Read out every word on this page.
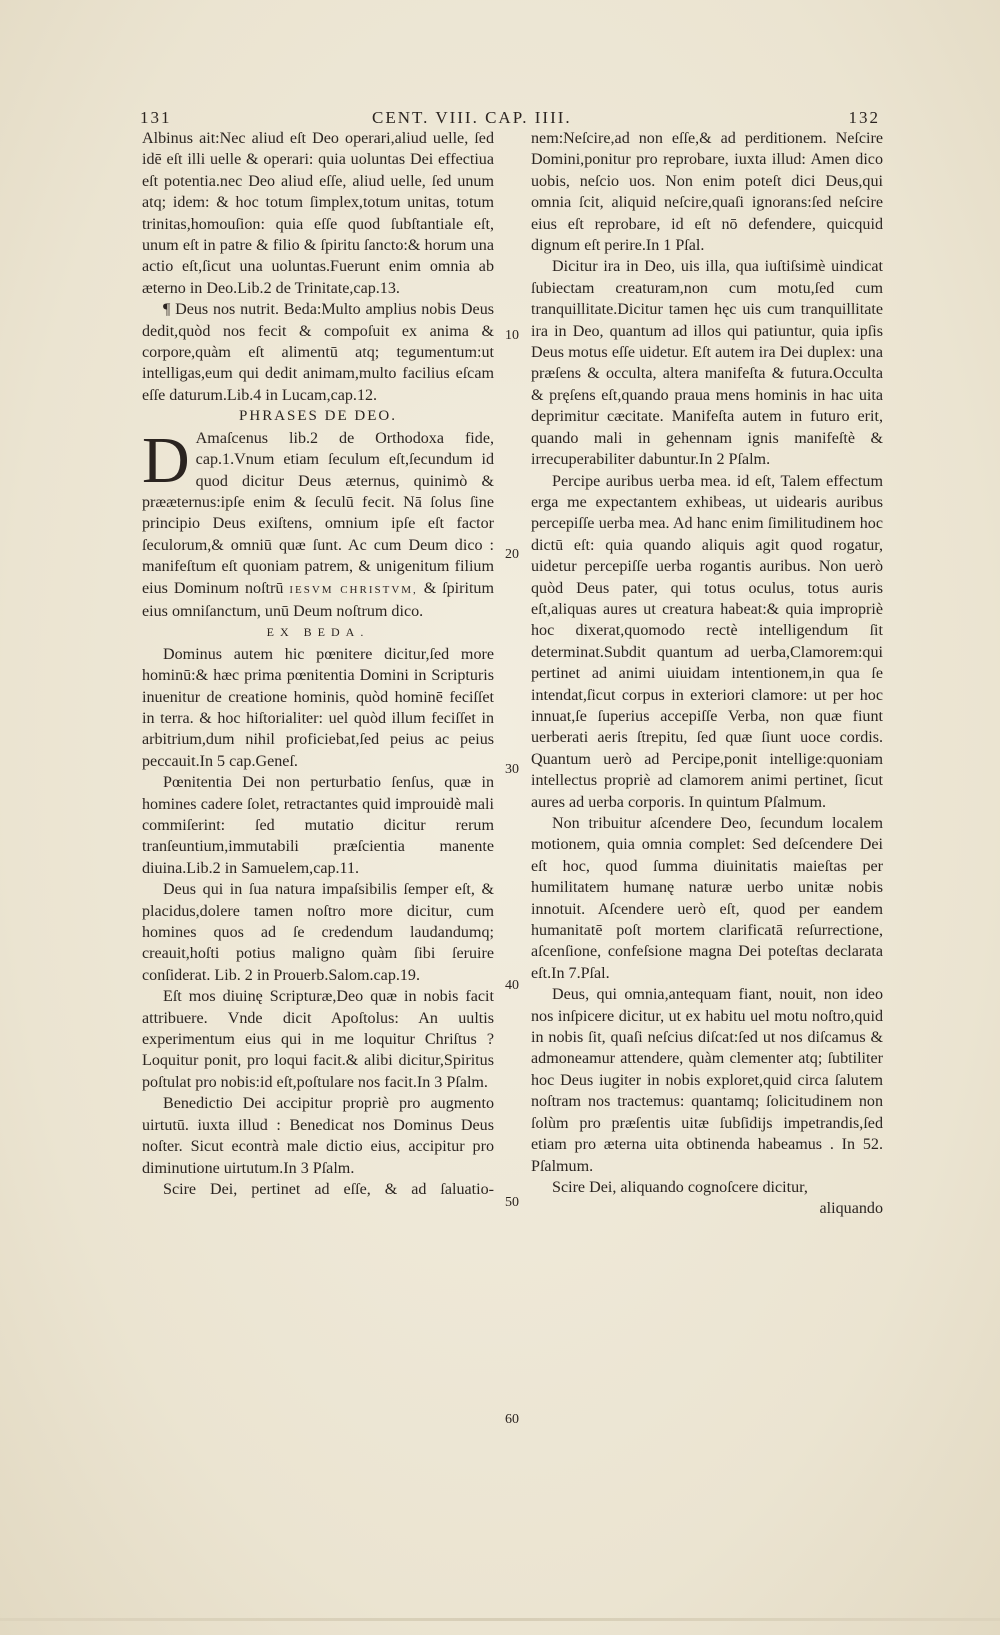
131	CENT. VIII. CAP. IIII.	132

Albinus ait:Nec aliud eſt Deo operari,aliud uelle, ſed idē eſt illi uelle & operari: quia uoluntas Dei effectiua eſt potentia.nec Deo aliud eſſe, aliud uelle, ſed unum atq; idem: & hoc totum ſimplex,totum unitas, totum trinitas,homouſion: quia eſſe quod ſubſtantiale eſt, unum eſt in patre & filio & ſpiritu ſancto:& horum una actio eſt,ſicut una uoluntas.Fuerunt enim omnia ab æterno in Deo.Lib.2 de Trinitate,cap.13.

¶ Deus nos nutrit. Beda:Multo amplius nobis Deus dedit,quòd nos fecit & compoſuit ex anima & corpore,quàm eſt alimentū atq; tegumentum:ut intelligas,eum qui dedit animam,multo facilius eſcam eſſe daturum.Lib.4 in Lucam,cap.12.

PHRASES DE DEO.

D Amaſcenus lib.2 de Orthodoxa fide, cap.1.Vnum etiam ſeculum eſt,ſecundum id quod dicitur Deus æternus, quinimò & prææternus:ipſe enim & ſeculū fecit. Nā ſolus ſine principio Deus exiſtens, omnium ipſe eſt factor ſeculorum,& omniū quæ ſunt. Ac cum Deum dico : manifeſtum eſt quoniam patrem, & unigenitum filium eius Dominum noſtrū IESVM CHRISTVM, & ſpiritum eius omniſanctum, unū Deum noſtrum dico.

EX BEDA.

Dominus autem hic pœnitere dicitur,ſed more hominū:& hæc prima pœnitentia Domini in Scripturis inuenitur de creatione hominis, quòd hominē feciſſet in terra. & hoc hiſtorialiter: uel quòd illum feciſſet in arbitrium,dum nihil proficiebat,ſed peius ac peius peccauit.In 5 cap.Geneſ.

Pœnitentia Dei non perturbatio ſenſus, quæ in homines cadere ſolet, retractantes quid improuidè mali commiſerint: ſed mutatio dicitur rerum tranſeuntium,immutabili præſcientia manente diuina.Lib.2 in Samuelem,cap.11.

Deus qui in ſua natura impaſsibilis ſemper eſt, & placidus,dolere tamen noſtro more dicitur, cum homines quos ad ſe credendum laudandumq; creauit,hoſti potius maligno quàm ſibi ſeruire conſiderat. Lib. 2 in Prouerb.Salom.cap.19.

Eſt mos diuinę Scripturæ,Deo quæ in nobis facit attribuere. Vnde dicit Apoſtolus: An uultis experimentum eius qui in me loquitur Chriſtus ? Loquitur ponit, pro loqui facit.& alibi dicitur,Spiritus poſtulat pro nobis:id eſt,poſtulare nos facit.In 3 Pſalm.

Benedictio Dei accipitur propriè pro augmento uirtutū. iuxta illud : Benedicat nos Dominus Deus noſter. Sicut econtrà male dictio eius, accipitur pro diminutione uirtutum.In 3 Pſalm.

Scire Dei, pertinet ad eſſe, & ad ſaluatio-

nem:Neſcire,ad non eſſe,& ad perditionem. Neſcire Domini,ponitur pro reprobare, iuxta illud: Amen dico uobis, neſcio uos. Non enim poteſt dici Deus,qui omnia ſcit, aliquid neſcire,quaſi ignorans:ſed neſcire eius eſt reprobare, id eſt nō defendere, quicquid dignum eſt perire.In 1 Pſal.

Dicitur ira in Deo, uis illa, qua iuſtiſsimè uindicat ſubiectam creaturam,non cum motu,ſed cum tranquillitate.Dicitur tamen hęc uis cum tranquillitate ira in Deo, quantum ad illos qui patiuntur, quia ipſis Deus motus eſſe uidetur. Eſt autem ira Dei duplex: una præſens & occulta, altera manifeſta & futura.Occulta & pręſens eſt,quando praua mens hominis in hac uita deprimitur cæcitate. Manifeſta autem in futuro erit, quando mali in gehennam ignis manifeſtè & irrecuperabiliter dabuntur.In 2 Pſalm.

Percipe auribus uerba mea. id eſt, Talem effectum erga me expectantem exhibeas, ut uidearis auribus percepiſſe uerba mea. Ad hanc enim ſimilitudinem hoc dictū eſt: quia quando aliquis agit quod rogatur, uidetur percepiſſe uerba rogantis auribus. Non uerò quòd Deus pater, qui totus oculus, totus auris eſt,aliquas aures ut creatura habeat:& quia impropriè hoc dixerat,quomodo rectè intelligendum ſit determinat.Subdit quantum ad uerba,Clamorem:qui pertinet ad animi uiuidam intentionem,in qua ſe intendat,ſicut corpus in exteriori clamore: ut per hoc innuat,ſe ſuperius accepiſſe Verba, non quæ fiunt uerberati aeris ſtrepitu, ſed quæ ſiunt uoce cordis. Quantum uerò ad Percipe,ponit intellige:quoniam intellectus propriè ad clamorem animi pertinet, ſicut aures ad uerba corporis. In quintum Pſalmum.

Non tribuitur aſcendere Deo, ſecundum localem motionem, quia omnia complet: Sed deſcendere Dei eſt hoc, quod ſumma diuinitatis maieſtas per humilitatem humanę naturæ uerbo unitæ nobis innotuit. Aſcendere uerò eſt, quod per eandem humanitatē poſt mortem clarificatā reſurrectione, aſcenſione, confeſsione magna Dei poteſtas declarata eſt.In 7.Pſal.

Deus, qui omnia,antequam fiant, nouit, non ideo nos inſpicere dicitur, ut ex habitu uel motu noſtro,quid in nobis ſit, quaſi neſcius diſcat:ſed ut nos diſcamus & admoneamur attendere, quàm clementer atq; ſubtiliter hoc Deus iugiter in nobis exploret,quid circa ſalutem noſtram nos tractemus: quantamq; ſolicitudinem non ſolùm pro præſentis uitæ ſubſidijs impetrandis,ſed etiam pro æterna uita obtinenda habeamus . In 52. Pſalmum.

Scire Dei, aliquando cognoſcere dicitur,

aliquando

10
20
30
40
50
60
